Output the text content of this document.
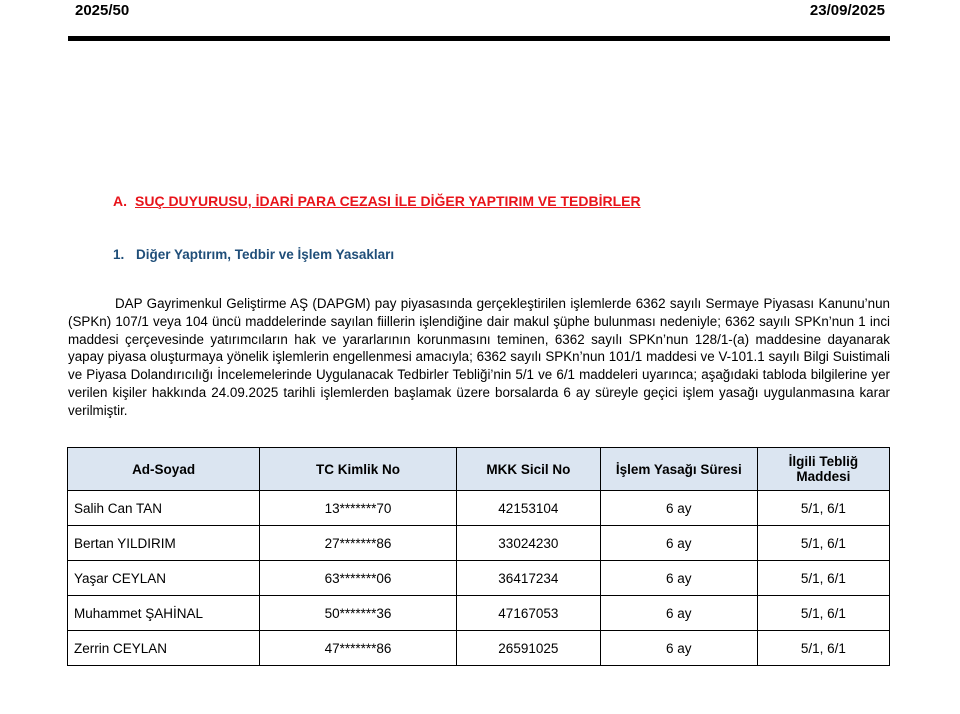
2025/50	23/09/2025
A. SUÇ DUYURUSU, İDARİ PARA CEZASI İLE DİĞER YAPTIRIM VE TEDBİRLER
1. Diğer Yaptırım, Tedbir ve İşlem Yasakları

DAP Gayrimenkul Geliştirme AŞ (DAPGM) pay piyasasında gerçekleştirilen işlemlerde 6362 sayılı Sermaye Piyasası Kanunu’nun (SPKn) 107/1 veya 104 üncü maddelerinde sayılan fiillerin işlendiğine dair makul şüphe bulunması nedeniyle; 6362 sayılı SPKn’nun 1 inci maddesi çerçevesinde yatırımcıların hak ve yararlarının korunmasını teminen, 6362 sayılı SPKn’nun 128/1-(a) maddesine dayanarak yapay piyasa oluşturmaya yönelik işlemlerin engellenmesi amacıyla; 6362 sayılı SPKn’nun 101/1 maddesi ve V-101.1 sayılı Bilgi Suistimali ve Piyasa Dolandırıcılığı İncelemelerinde Uygulanacak Tedbirler Tebliği’nin 5/1 ve 6/1 maddeleri uyarınca; aşağıdaki tabloda bilgilerine yer verilen kişiler hakkında 24.09.2025 tarihli işlemlerden başlamak üzere borsalarda 6 ay süreyle geçici işlem yasağı uygulanmasına karar verilmiştir.

Ad-Soyad	TC Kimlik No	MKK Sicil No	İşlem Yasağı Süresi	İlgili Tebliğ Maddesi
Salih Can TAN	13*******70	42153104	6 ay	5/1, 6/1
Bertan YILDIRIM	27*******86	33024230	6 ay	5/1, 6/1
Yaşar CEYLAN	63*******06	36417234	6 ay	5/1, 6/1
Muhammet ŞAHİNAL	50*******36	47167053	6 ay	5/1, 6/1
Zerrin CEYLAN	47*******86	26591025	6 ay	5/1, 6/1
